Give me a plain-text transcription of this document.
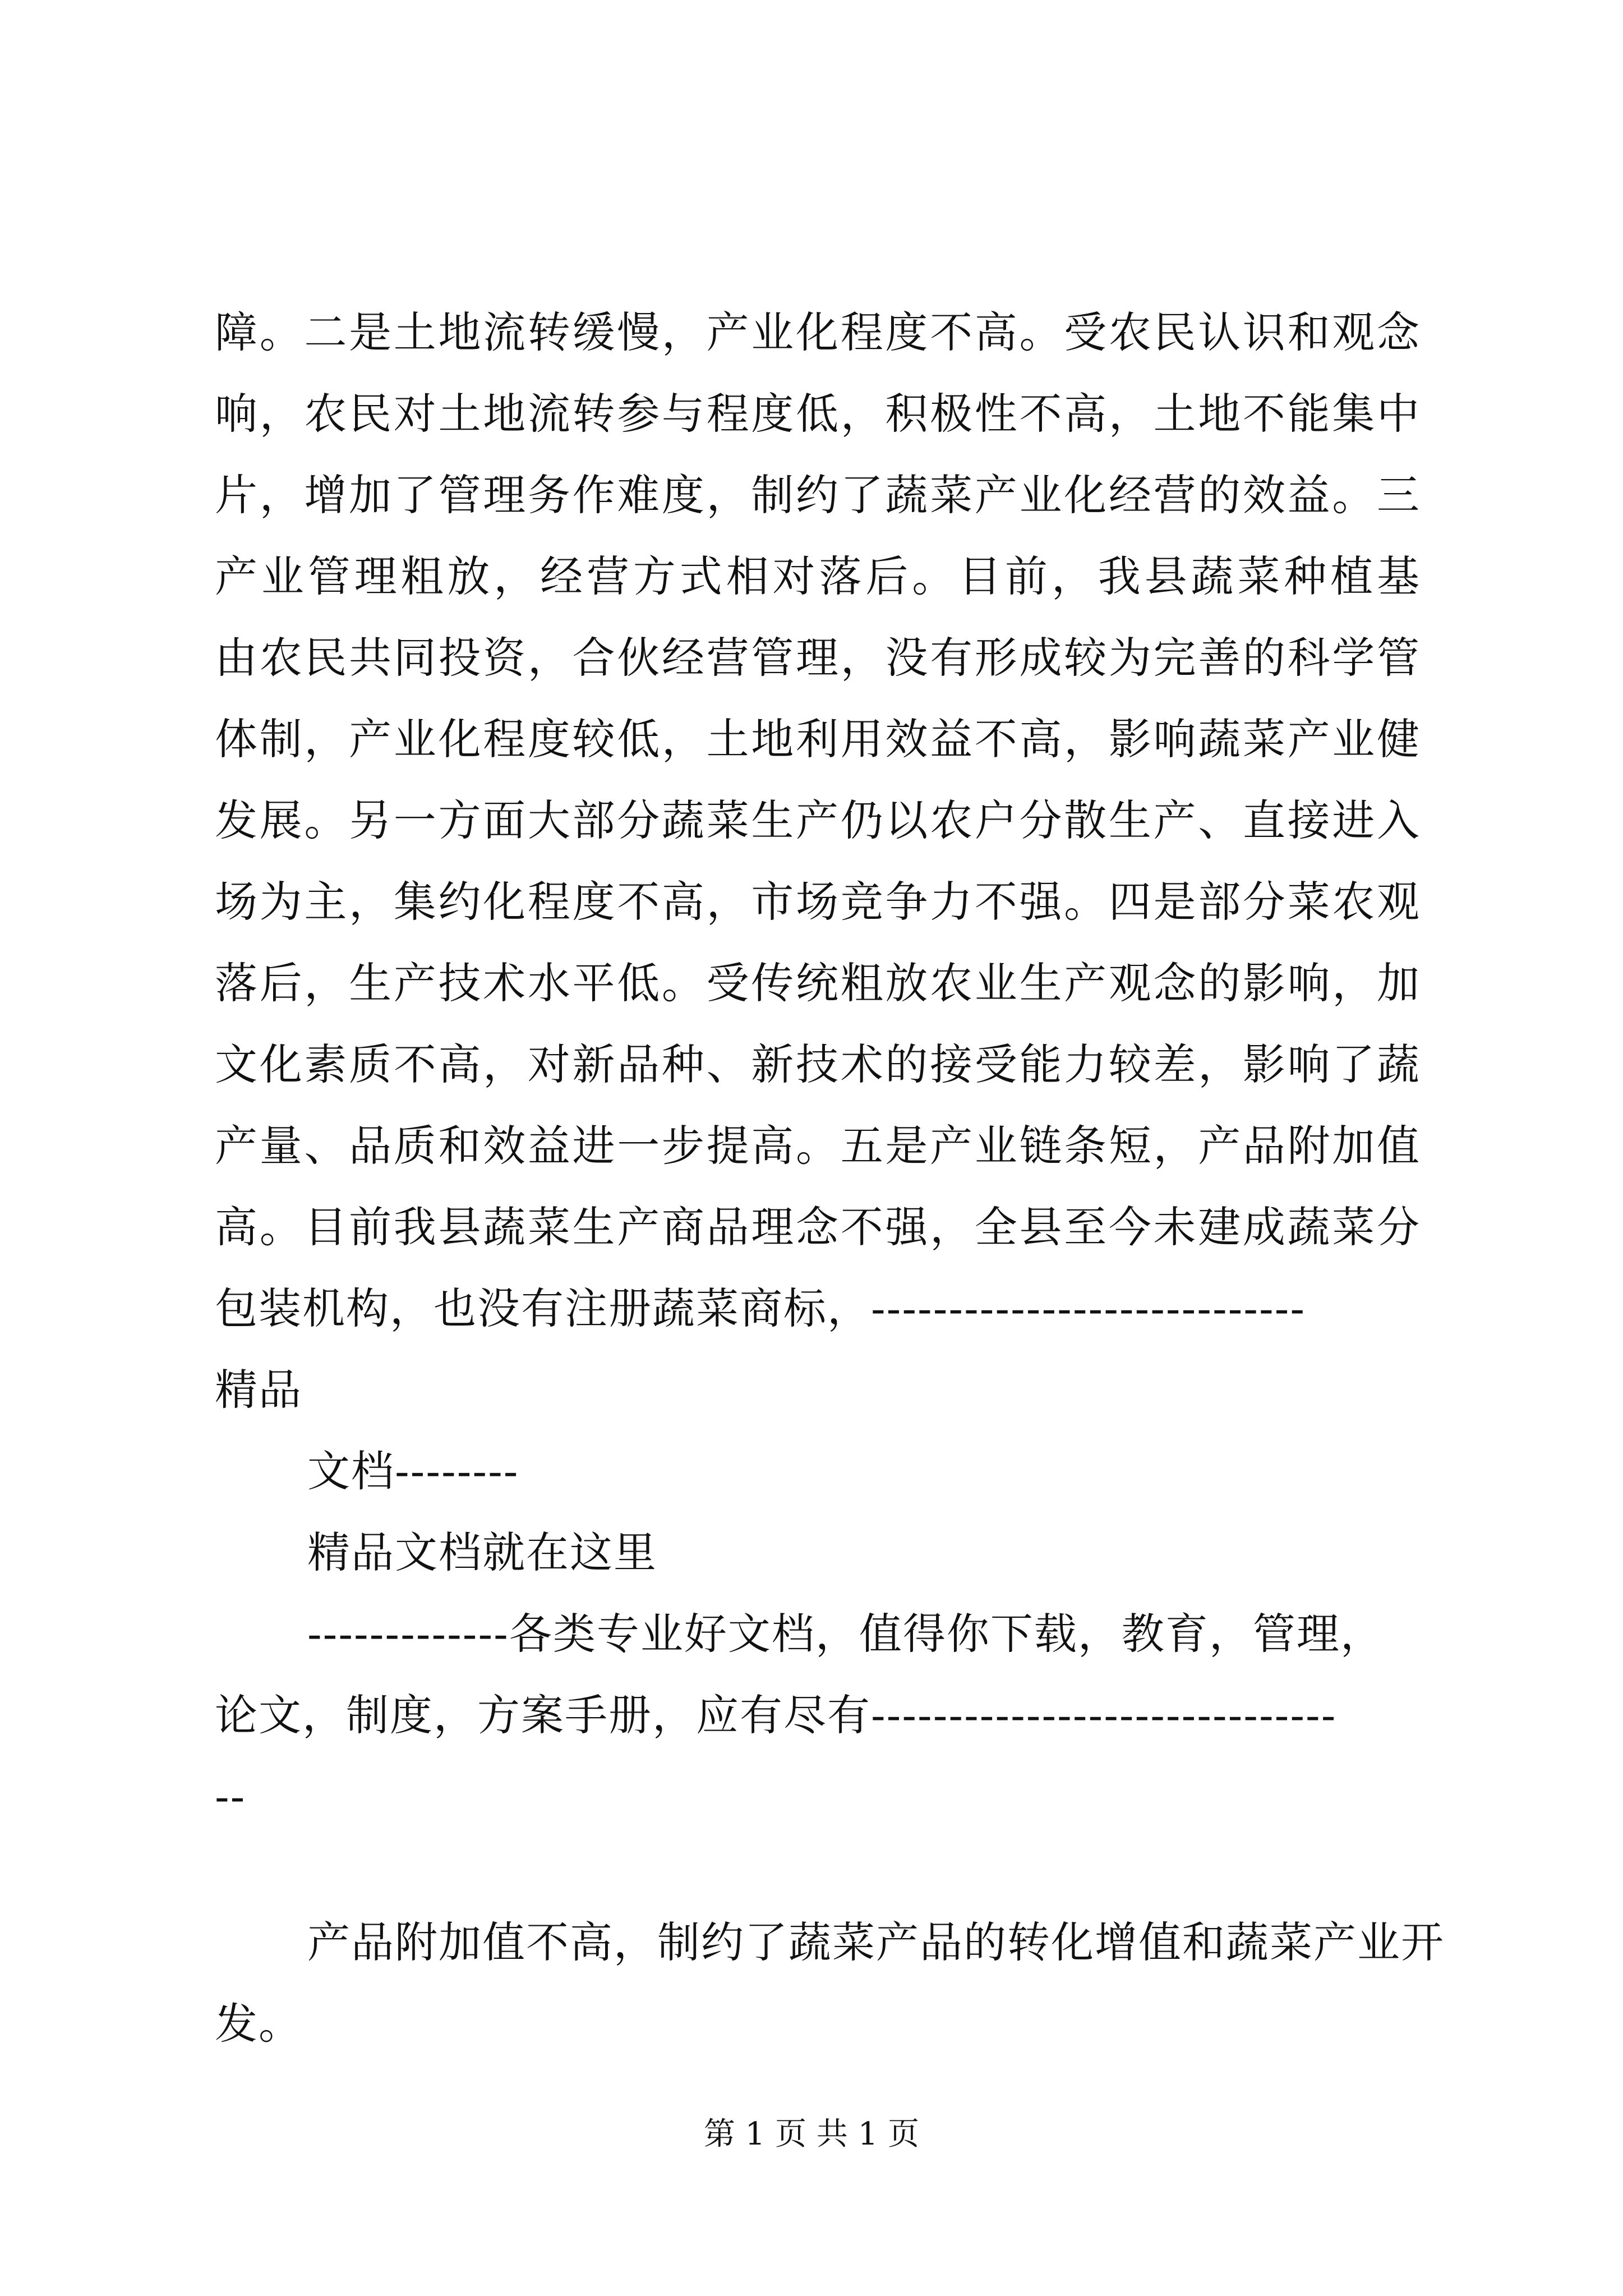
障。二是土地流转缓慢，产业化程度不高。受农民认识和观念
响，农民对土地流转参与程度低，积极性不高，土地不能集中
片，增加了管理务作难度，制约了蔬菜产业化经营的效益。三
产业管理粗放，经营方式相对落后。目前，我县蔬菜种植基
由农民共同投资，合伙经营管理，没有形成较为完善的科学管
体制，产业化程度较低，土地利用效益不高，影响蔬菜产业健
发展。另一方面大部分蔬菜生产仍以农户分散生产、直接进入
场为主，集约化程度不高，市场竞争力不强。四是部分菜农观
落后，生产技术水平低。受传统粗放农业生产观念的影响，加
文化素质不高，对新品种、新技术的接受能力较差，影响了蔬
产量、品质和效益进一步提高。五是产业链条短，产品附加值
高。目前我县蔬菜生产商品理念不强，全县至今未建成蔬菜分
包装机构，也没有注册蔬菜商标，----------------------------
精品
文档--------
精品文档就在这里
-------------各类专业好文档，值得你下载，教育，管理，
论文，制度，方案手册，应有尽有------------------------------
--
产品附加值不高，制约了蔬菜产品的转化增值和蔬菜产业开
发。
第 1 页 共 1 页
